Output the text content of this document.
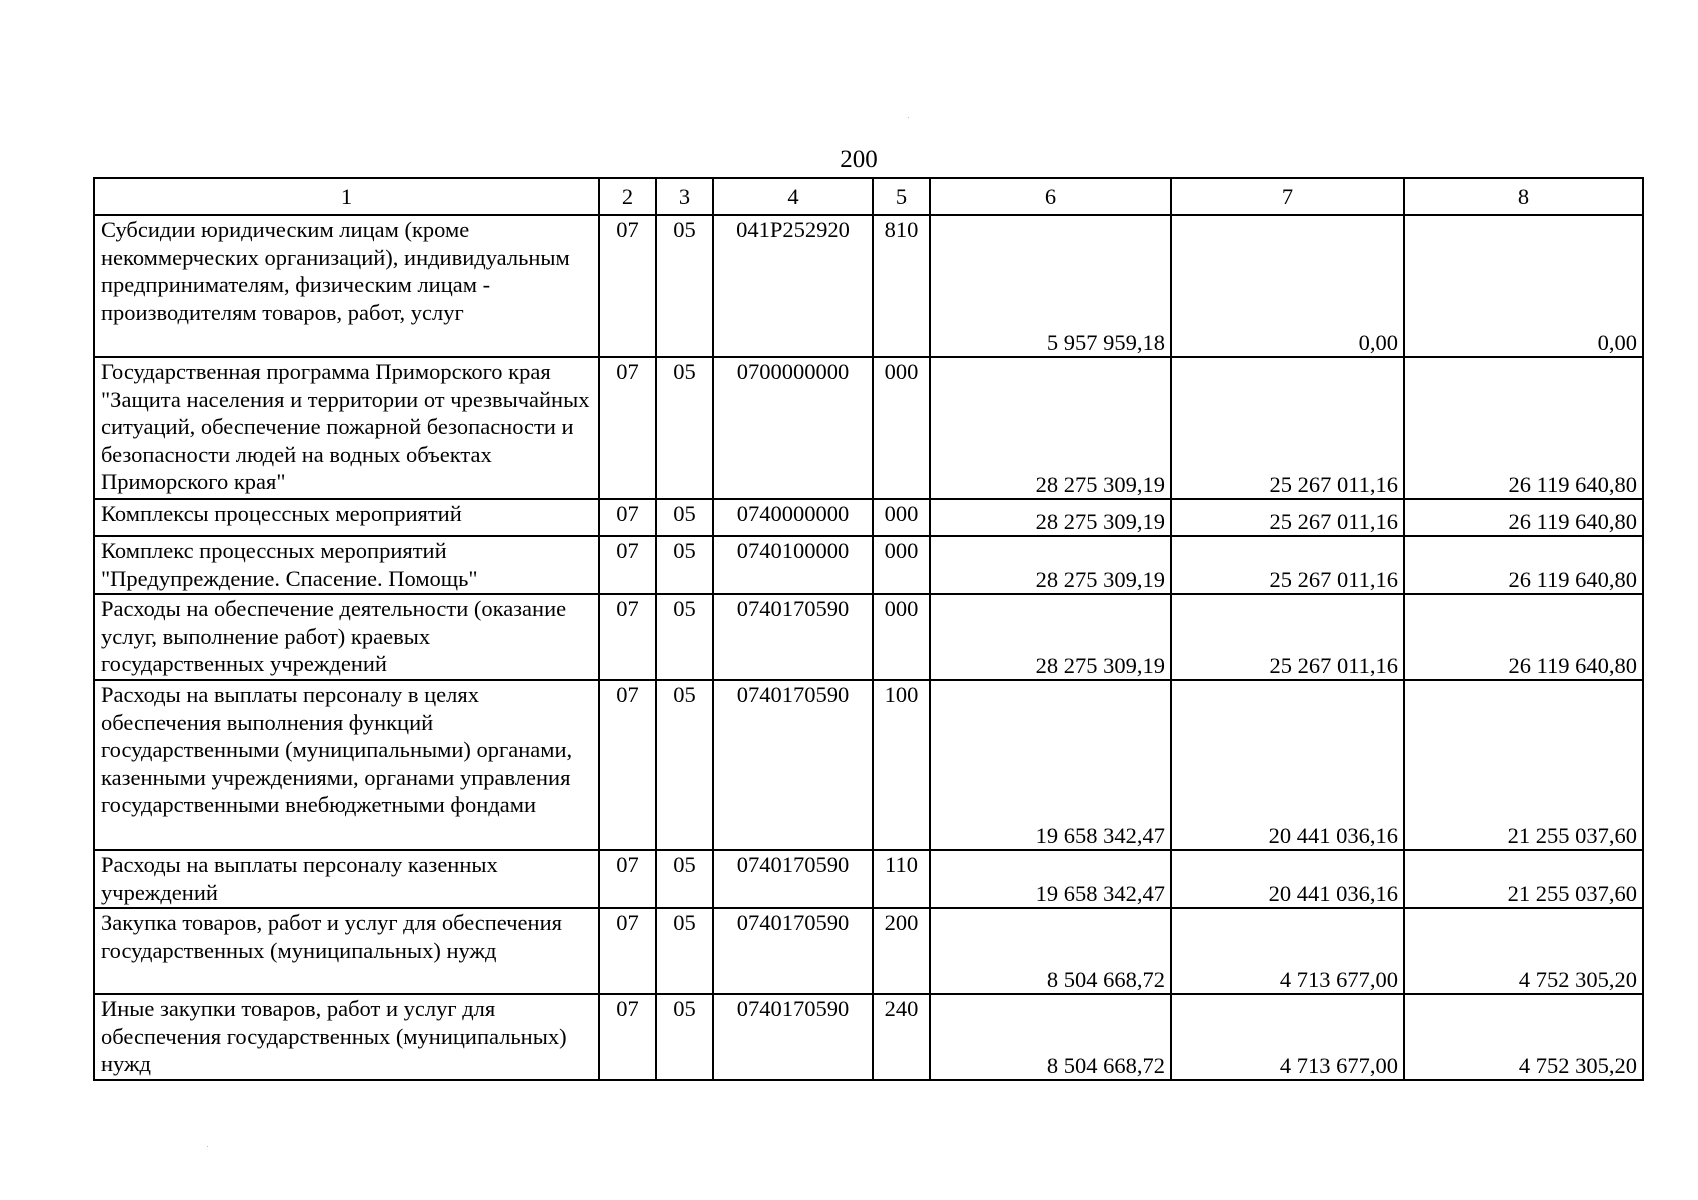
200
1	2	3	4	5	6	7	8
Субсидии юридическим лицам (кроме некоммерческих организаций), индивидуальным предпринимателям, физическим лицам - производителям товаров, работ, услуг	07	05	041P252920	810	5 957 959,18	0,00	0,00
Государственная программа Приморского края "Защита населения и территории от чрезвычайных ситуаций, обеспечение пожарной безопасности и безопасности людей на водных объектах Приморского края"	07	05	0700000000	000	28 275 309,19	25 267 011,16	26 119 640,80
Комплексы процессных мероприятий	07	05	0740000000	000	28 275 309,19	25 267 011,16	26 119 640,80
Комплекс процессных мероприятий "Предупреждение. Спасение. Помощь"	07	05	0740100000	000	28 275 309,19	25 267 011,16	26 119 640,80
Расходы на обеспечение деятельности (оказание услуг, выполнение работ) краевых государственных учреждений	07	05	0740170590	000	28 275 309,19	25 267 011,16	26 119 640,80
Расходы на выплаты персоналу в целях обеспечения выполнения функций государственными (муниципальными) органами, казенными учреждениями, органами управления государственными внебюджетными фондами	07	05	0740170590	100	19 658 342,47	20 441 036,16	21 255 037,60
Расходы на выплаты персоналу казенных учреждений	07	05	0740170590	110	19 658 342,47	20 441 036,16	21 255 037,60
Закупка товаров, работ и услуг для обеспечения государственных (муниципальных) нужд	07	05	0740170590	200	8 504 668,72	4 713 677,00	4 752 305,20
Иные закупки товаров, работ и услуг для обеспечения государственных (муниципальных) нужд	07	05	0740170590	240	8 504 668,72	4 713 677,00	4 752 305,20
